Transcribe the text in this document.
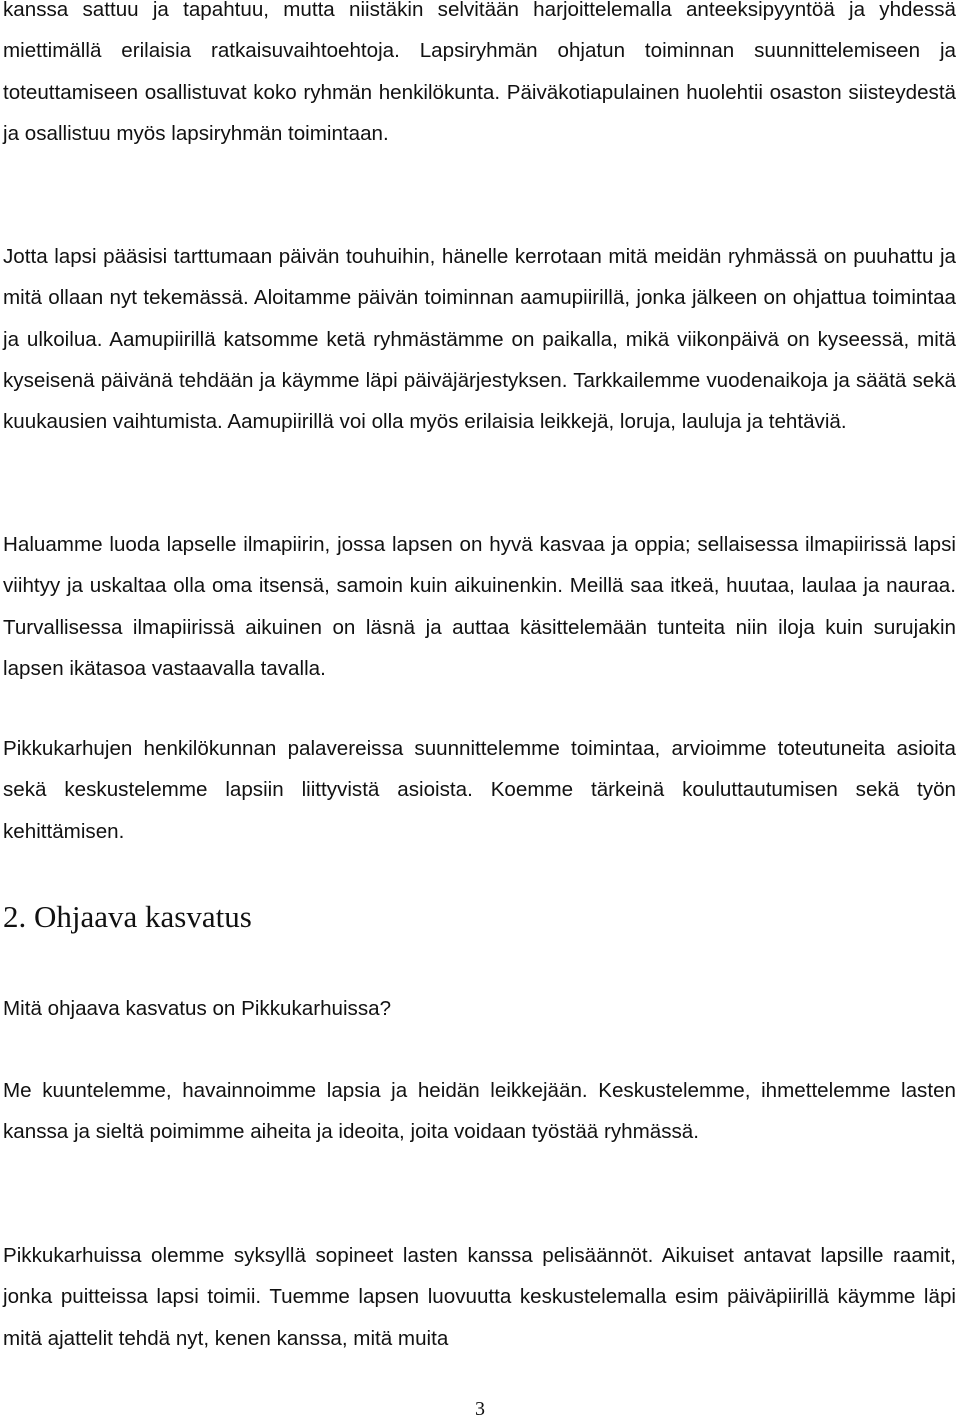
kanssa sattuu ja tapahtuu, mutta niistäkin selvitään harjoittelemalla anteeksipyyntöä ja yhdessä miettimällä erilaisia ratkaisuvaihtoehtoja. Lapsiryhmän ohjatun toiminnan suunnittelemiseen ja toteuttamiseen osallistuvat koko ryhmän henkilökunta. Päiväkotiapulainen huolehtii osaston siisteydestä ja osallistuu myös lapsiryhmän toimintaan.

Jotta lapsi pääsisi tarttumaan päivän touhuihin, hänelle kerrotaan mitä meidän ryhmässä on puuhattu ja mitä ollaan nyt tekemässä. Aloitamme päivän toiminnan aamupiirillä, jonka jälkeen on ohjattua toimintaa ja ulkoilua. Aamupiirillä katsomme ketä ryhmästämme on paikalla, mikä viikonpäivä on kyseessä, mitä kyseisenä päivänä tehdään ja käymme läpi päiväjärjestyksen. Tarkkailemme vuodenaikoja ja säätä sekä kuukausien vaihtumista. Aamupiirillä voi olla myös erilaisia leikkejä, loruja, lauluja ja tehtäviä.

Haluamme luoda lapselle ilmapiirin, jossa lapsen on hyvä kasvaa ja oppia; sellaisessa ilmapiirissä lapsi viihtyy ja uskaltaa olla oma itsensä, samoin kuin aikuinenkin. Meillä saa itkeä, huutaa, laulaa ja nauraa. Turvallisessa ilmapiirissä aikuinen on läsnä ja auttaa käsittelemään tunteita niin iloja kuin surujakin lapsen ikätasoa vastaavalla tavalla.

Pikkukarhujen henkilökunnan palavereissa suunnittelemme toimintaa, arvioimme toteutuneita asioita sekä keskustelemme lapsiin liittyvistä asioista. Koemme tärkeinä kouluttautumisen sekä työn kehittämisen.

2. Ohjaava kasvatus

Mitä ohjaava kasvatus on Pikkukarhuissa?

Me kuuntelemme, havainnoimme lapsia ja heidän leikkejään. Keskustelemme, ihmettelemme lasten kanssa ja sieltä poimimme aiheita ja ideoita, joita voidaan työstää ryhmässä.

Pikkukarhuissa olemme syksyllä sopineet lasten kanssa pelisäännöt. Aikuiset antavat lapsille raamit, jonka puitteissa lapsi toimii. Tuemme lapsen luovuutta keskustelemalla esim päiväpiirillä käymme läpi mitä ajattelit tehdä nyt, kenen kanssa, mitä muita

3
